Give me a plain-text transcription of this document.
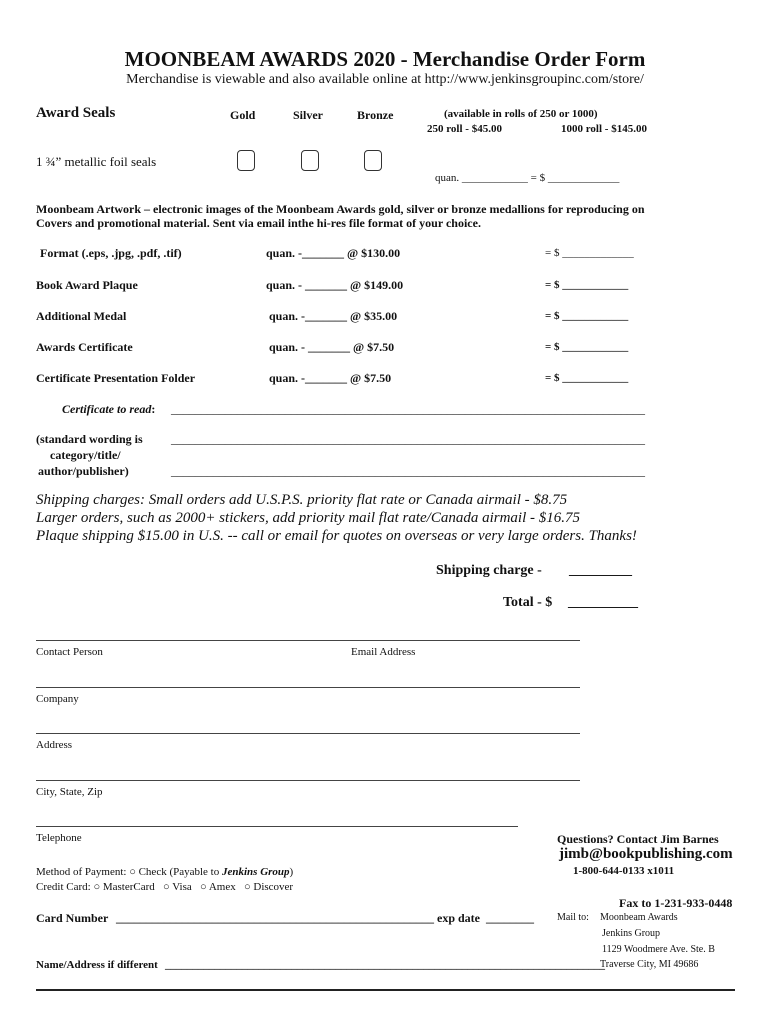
MOONBEAM AWARDS 2020 - Merchandise Order Form
Merchandise is viewable and also available online at http://www.jenkinsgroupinc.com/store/
Award Seals	Gold	Silver	Bronze	(available in rolls of 250 or 1000)
250 roll - $45.00	1000 roll - $145.00
1 ¾” metallic foil seals
quan. ____________ = $ _____________
Moonbeam Artwork – electronic images of the Moonbeam Awards gold, silver or bronze medallions for reproducing on
Covers and promotional material. Sent via email inthe hi-res file format of your choice.
Format (.eps, .jpg, .pdf, .tif)	quan. -_______ @ $130.00	= $ _____________
Book Award Plaque	quan. - _______ @ $149.00	= $ ____________
Additional Medal	quan. -_______ @ $35.00	= $ ____________
Awards Certificate	quan. - _______ @ $7.50	= $ ____________
Certificate Presentation Folder	quan. -_______ @ $7.50	= $ ____________
Certificate to read: _______________________________________________________________________________
(standard wording is
category/title/
author/publisher)
_______________________________________________________________________________
_______________________________________________________________________________
Shipping charges: Small orders add U.S.P.S. priority flat rate or Canada airmail - $8.75
Larger orders, such as 2000+ stickers, add priority mail flat rate/Canada airmail - $16.75
Plaque shipping $15.00 in U.S. -- call or email for quotes on overseas or very large orders. Thanks!
Shipping charge - _________
Total - $ __________
Contact Person	Email Address
Company
Address
City, State, Zip
Telephone
Method of Payment: ○ Check (Payable to Jenkins Group)
Credit Card: ○ MasterCard ○ Visa ○ Amex ○ Discover
Card Number _____________________________________________________ exp date ________
Name/Address if different ________________________________________________________________________________
Questions? Contact Jim Barnes
jimb@bookpublishing.com
1-800-644-0133 x1011
Fax to 1-231-933-0448
Mail to: Moonbeam Awards
Jenkins Group
1129 Woodmere Ave. Ste. B
Traverse City, MI 49686
